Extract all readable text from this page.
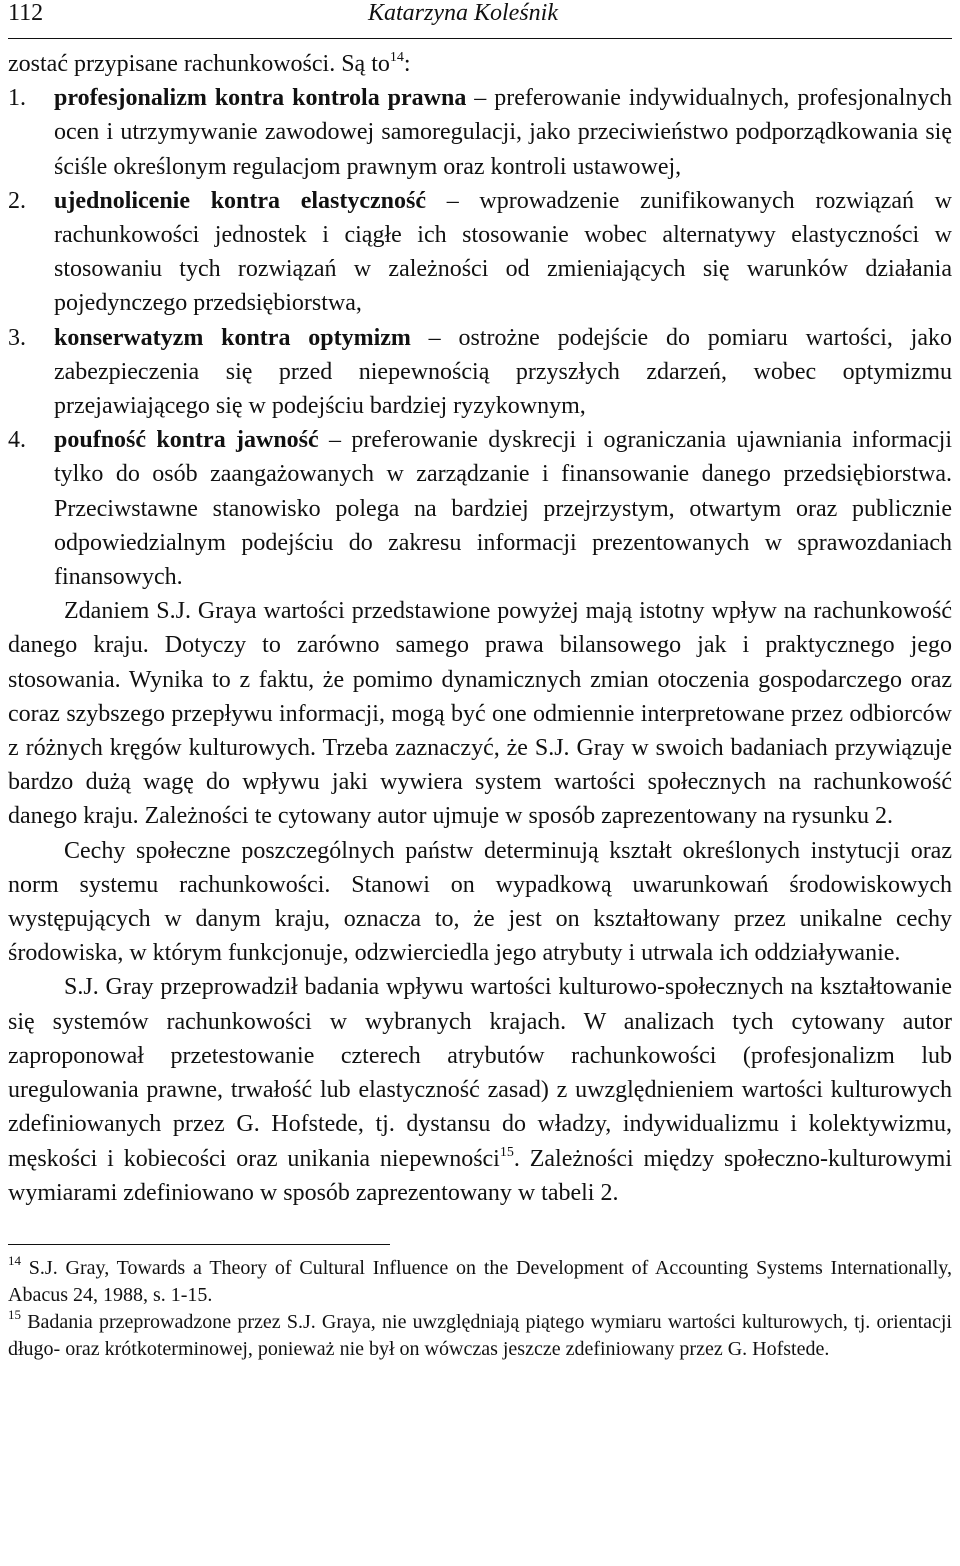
112	Katarzyna Koleśnik

zostać przypisane rachunkowości. Są $to^{14}$:

1. profesjonalizm kontra kontrola prawna – preferowanie indywidualnych, profesjonalnych ocen i utrzymywanie zawodowej samoregulacji, jako przeciwieństwo podporządkowania się ściśle określonym regulacjom prawnym oraz kontroli ustawowej,

2. ujednolicenie kontra elastyczność – wprowadzenie zunifikowanych rozwiązań w rachunkowości jednostek i ciągłe ich stosowanie wobec alternatywy elastyczności w stosowaniu tych rozwiązań w zależności od zmieniających się warunków działania pojedynczego przedsiębiorstwa,

3. konserwatyzm kontra optymizm – ostrożne podejście do pomiaru wartości, jako zabezpieczenia się przed niepewnością przyszłych zdarzeń, wobec optymizmu przejawiającego się w podejściu bardziej ryzykownym,

4. poufność kontra jawność – preferowanie dyskrecji i ograniczania ujawniania informacji tylko do osób zaangażowanych w zarządzanie i finansowanie danego przedsiębiorstwa. Przeciwstawne stanowisko polega na bardziej przejrzystym, otwartym oraz publicznie odpowiedzialnym podejściu do zakresu informacji prezentowanych w sprawozdaniach finansowych.

Zdaniem S.J. Graya wartości przedstawione powyżej mają istotny wpływ na rachunkowość danego kraju. Dotyczy to zarówno samego prawa bilansowego jak i praktycznego jego stosowania. Wynika to z faktu, że pomimo dynamicznych zmian otoczenia gospodarczego oraz coraz szybszego przepływu informacji, mogą być one odmiennie interpretowane przez odbiorców z różnych kręgów kulturowych. Trzeba zaznaczyć, że S.J. Gray w swoich badaniach przywiązuje bardzo dużą wagę do wpływu jaki wywiera system wartości społecznych na rachunkowość danego kraju. Zależności te cytowany autor ujmuje w sposób zaprezentowany na rysunku 2.

Cechy społeczne poszczególnych państw determinują kształt określonych instytucji oraz norm systemu rachunkowości. Stanowi on wypadkową uwarunkowań środowiskowych występujących w danym kraju, oznacza to, że jest on kształtowany przez unikalne cechy środowiska, w którym funkcjonuje, odzwierciedla jego atrybuty i utrwala ich oddziaływanie.

S.J. Gray przeprowadził badania wpływu wartości kulturowo-społecznych na kształtowanie się systemów rachunkowości w wybranych krajach. W analizach tych cytowany autor zaproponował przetestowanie czterech atrybutów rachunkowości (profesjonalizm lub uregulowania prawne, trwałość lub elastyczność zasad) z uwzględnieniem wartości kulturowych zdefiniowanych przez G. Hofstede, tj. dystansu do władzy, indywidualizmu i kolektywizmu, męskości i kobiecości oraz unikania niepewności$^{15}$. Zależności między społeczno-kulturowymi wymiarami zdefiniowano w sposób zaprezentowany w tabeli 2.

$^{14}$ S.J. Gray, Towards a Theory of Cultural Influence on the Development of Accounting Systems Internationally, Abacus 24, 1988, s. 1-15.

$^{15}$ Badania przeprowadzone przez S.J. Graya, nie uwzględniają piątego wymiaru wartości kulturowych, tj. orientacji długo- oraz krótkoterminowej, ponieważ nie był on wówczas jeszcze zdefiniowany przez G. Hofstede.
